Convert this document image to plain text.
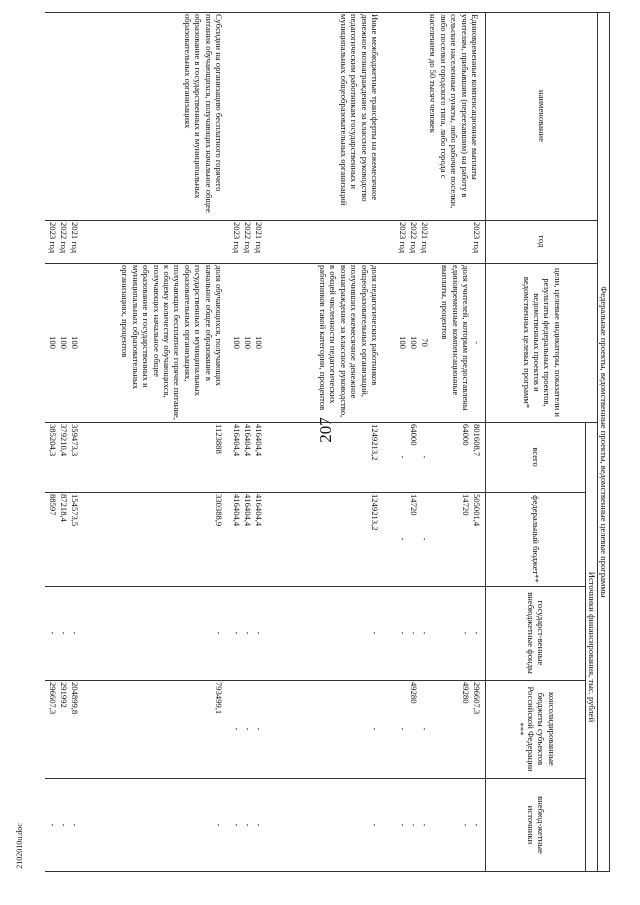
207
2102010u.doc
Федеральные проекты, ведомственные проекты, ведомственные целевые программы
наименование
год
цели, целевые индикаторы, показатели и результаты федеральных проектов, ведомственных проектов и ведомственных целевых программ*
Источники финансирования, тыс. рублей
всего
федеральный бюджет**
государст-венные внебюджетные фонды
консолидированные бюджеты субъектов Российской Федерации ***
внебюд-жетные источники
Единовременные компенсационные выплаты учителям, прибывшим (переехавшим) на работу в сельские населенные пункты, либо рабочие поселки, либо поселки городского типа, либо города с населением до 50 тысяч человек
2023 год
-
801608,7
505001,4
-
296607,3
-
доля учителей, которым предоставлены единовременные компенсационные выплаты, процентов
64000
14720
-
49280
-
2021 год
70
-
-
-
-
-
2022 год
100
64000
14720
-
49280
-
2023 год
100
-
-
-
-
-
Иные межбюджетные трансферты на ежемесячное денежное вознаграждение за классное руководство педагогическим работникам государственных и муниципальных общеобразовательных организаций
доля педагогических работников общеобразовательных организаций, получивших ежемесячное денежное вознаграждение за классное руководство, в общей численности педагогических работников такой категории, процентов
1249213,2
1249213,2
-
-
-
2021 год
100
416404,4
416404,4
-
-
-
2022 год
100
416404,4
416404,4
-
-
-
2023 год
100
416404,4
416404,4
-
-
-
Субсидии на организацию бесплатного горячего питания обучающихся, получающих начальное общее образование в государственных и муниципальных образовательных организациях
доля обучающихся, получающих начальное общее образование в государственных и муниципальных образовательных организациях, получающих бесплатное горячее питание, к общему количеству обучающихся, получающих начальное общее образование в государственных и муниципальных образовательных организациях, процентов
1123888
330388,9
-
793499,1
-
2021 год
100
359473,3
154573,5
-
204899,8
-
2022 год
100
379210,4
87218,4
-
291992
-
2023 год
100
385204,3
88597
-
296607,3
-
